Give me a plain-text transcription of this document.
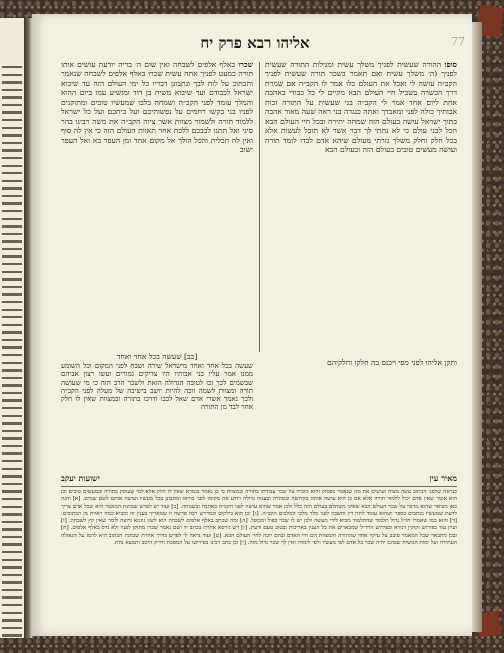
אליהו רבא פרק יח	77
סופו ההורה שעשית לפניך משלך עשית ומגילות התורה שעשית לפניך (ה׳ משלך עשית ואם תאמר בשכר תורה שעשית לפניך הקב״ה עושה לי ואכל את העולם כלו אמר לו הקב״ה אם שמרת דרך הכשרה בשביל חיי העולם הבא מקיים לי כל כבודי באהבה אחת ליום אחד אמר לי הקב״ה בני שעשית על התורה זכות אבותיך כולה לפני ומאבדך ואתה כנגדה בני ראה שעה מאוד אהבה בתוך ישראל עושה בעולם הזה שמחה יתירה ובכל חיי העולם הבא הכל לבני עולם כי לא נתתי לך דבר אשר לא תוכל לעשות אלא בכל חלק וחלק משלך גזרתי מעולם שיהא אדם לבדו לומד תורה ועושה מעשים טובים בעולם הזה ובעולם הבא
שכרו באלף אלפים לשבחה ואין שום ה׳ בריה יודעת עושים אותו תורה כמעט לפניך אתה עשית שכרו באלף אלפים לשבחה שנאמר ותכתוב על לוח לבך ונתבונן דבריו כל ימי העולם הזה עד שיבוא ישראל לכבודם ועד שיבוא משיח בן דוד ומושיע עמו ביום ההוא והמלך עומד לפני הקב״ה ושמחה בלבו שמעשיו טובים ומתוקנים לפניו בני בקשו רחמים על נפשותיכם ועל ביתכם ועל כל ישראל ללמוד תורה ולשמור מצוות אשר ציוה הקב״ה את משה רבינו בהר סיני ואל תתנו לבבכם ללכת אחר תאוות העולם הזה כי אין לה סוף ואין לה תכלית והכל הולך אל מקום אחד ומן העפר בא ואל העפר ישוב
[כב] שעשה בכל אחד ואחד
שעשה בכל אחד ואחד מישראל שירה ושבח לפני המקום וכל השומע ממנו אמר עליו בני אבותיו היו צדיקים גמורים ועשו רצון אביהם שבשמים לכך זכו לטובה הגדולה הזאת ולשכר הרב הזה כי מי שעושה תורה ומצוות לשמה זוכה להיות יושב בישיבה של מעלה לפני הקב״ה ולכך נאמר אשרי אדם שאל לבבו ודרכו בתורה ובמצוות שאין לו חלק אחר לבד מן התורה
ותקן אליהו לפני מפי ויכנס בה חלקו וחלקיהם
מאיר עין
ישועות יעקב
כנראה שלפני הכתוב עשה מצוה ועושים את מה שנאמר בפסוק והוא מוכיח על שכר עבודתו בתורה ובמצוות כי כן נאמר בגמרא שאין לו חלק אלא למי שעוסק בתורה ובמעשים טובים וכן הוא אומר שאין אדם יכול ללמוד תורה אלא אם כן הוא עושה אותה בקדושה ובטהרה ובענוה גדולה ויודע את מקומו לפני בוראו ומתבונן בכל מעשיו ועושה אותם לשם שמים. [א] והנה כאן מבואר שהוא מדבר על שכר העולם הבא שאינו משתלם בעולם הזה כלל ולכן אמר שהוא עושה לפני הקב״ה באהבה ובשמחה. [ב] ועוד יש לפרש שכוונת המאמר היא שכל אדם צריך לדעת שמעשיו נכתבים בספר ושהוא עומד לתת דין וחשבון לפני מלך מלכי המלכים הקב״ה. [ג] וכן הוא בילקוט ובמדרש רבה פרשה זו שמאריך בענין זה ומביא כמה ראיות מן הכתובים. [ד] והוא כמו שאמרו חז״ל גדול תלמוד שהתלמוד מביא לידי מעשה ולכן יש לו שכר כפול ומכופל. [ה] ומה שכתב באלף אלפים לשבחה הוא לשון גוזמא ורוצה לומר שאין קץ לשבחה. [ו] ועיין עוד בפירוש זקוקין דנורא ובפירוש הרד״ל שמבארים את כל הענין באריכות ובטוב טעם ודעת. [ז] ויש גירסא אחרת בכתב יד ושם נאמר שכרו מתוקן לפניו ולא גרס באלף אלפים. [ח] ובכן מתבאר שכל המאמר סובב על עיקר אחד שהתורה והמצוות הם חיי האדם ובהם יזכה לחיי העולם הבא. [ט] ועוד נראה לי לפרש בדרך אחרת שכוונת הכתוב היא לרמז על הגאולה העתידה ועל ימות המשיח שבהם יהיה שכר כל אדם לפי מעשיו ולפי לימודו ואין לך שכר גדול מזה. [י] וכן כתב רבינו בפירושו על המסכת ודו״ק היטב ותמצא נחת.
